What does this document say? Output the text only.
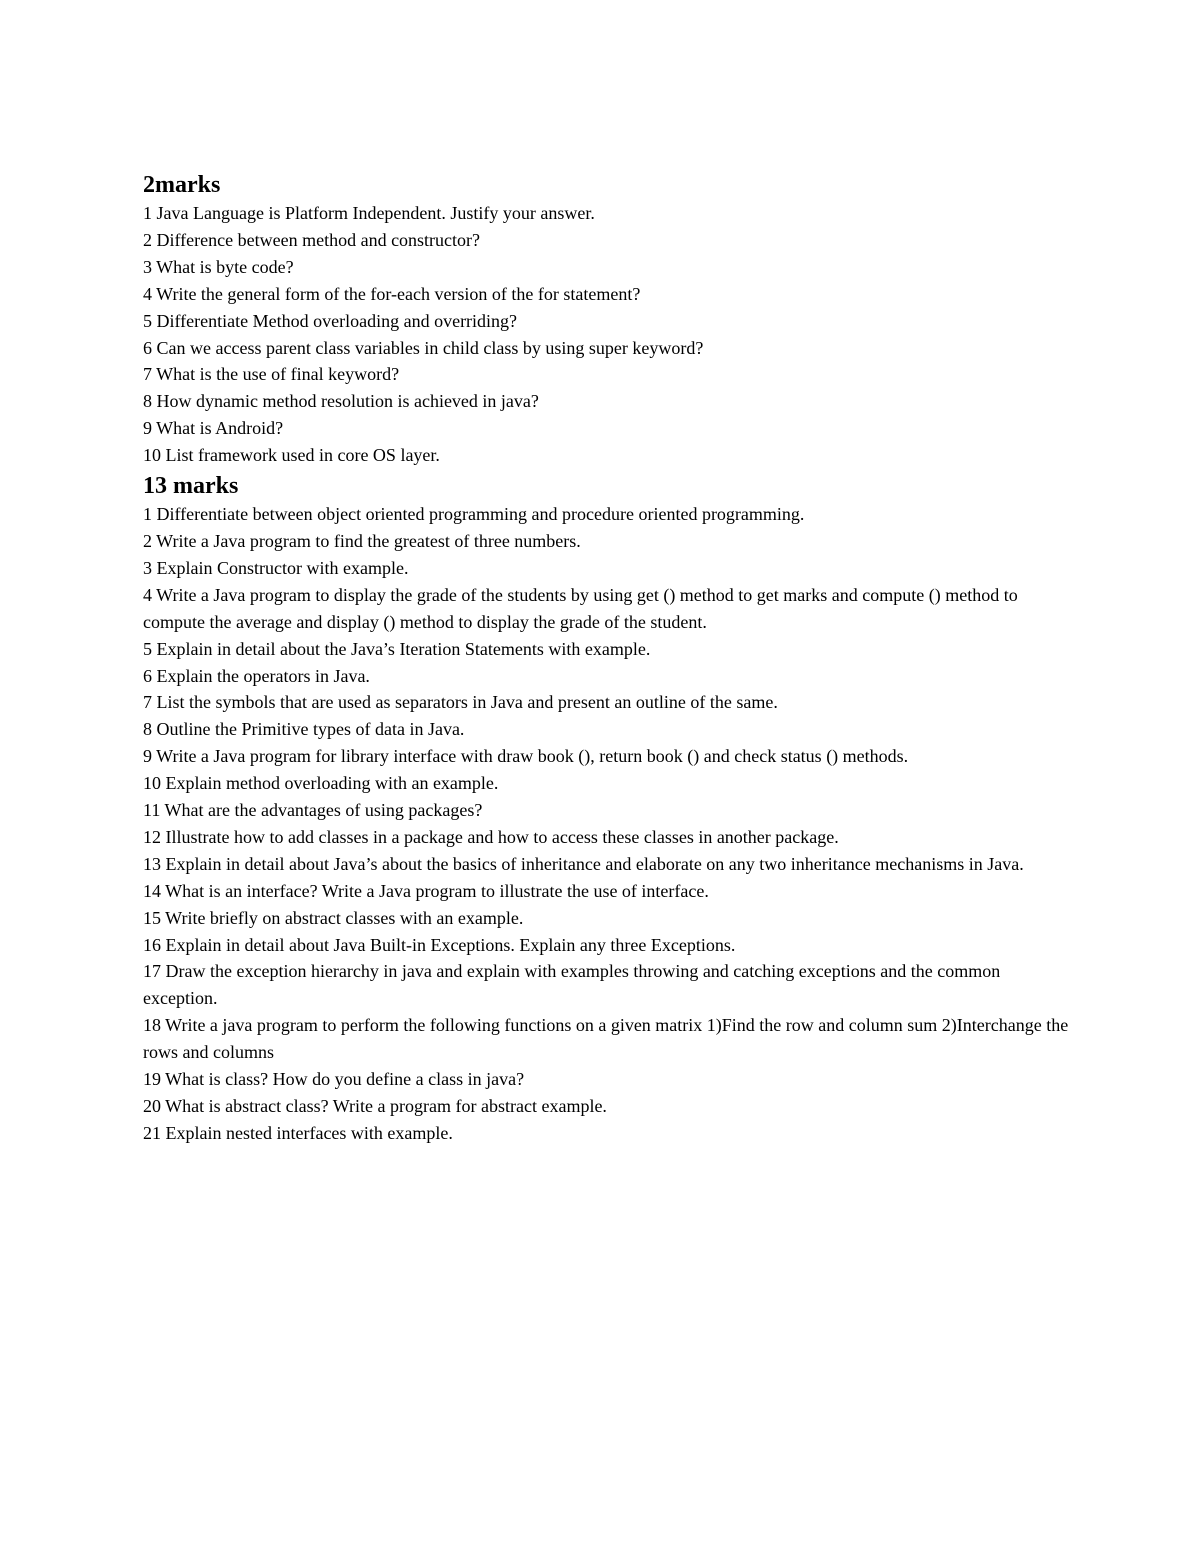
2marks
1 Java Language is Platform Independent. Justify your answer.
2 Difference between method and constructor?
3 What is byte code?
4 Write the general form of the for-each version of the for statement?
5 Differentiate Method overloading and overriding?
6 Can we access parent class variables in child class by using super keyword?
7 What is the use of final keyword?
8 How dynamic method resolution is achieved in java?
9 What is Android?
10 List framework used in core OS layer.
13 marks
1 Differentiate between object oriented programming and procedure oriented programming.
2 Write a Java program to find the greatest of three numbers.
3 Explain Constructor with example.
4 Write a Java program to display the grade of the students by using get () method to get marks and compute () method to compute the average and display () method to display the grade of the student.
5 Explain in detail about the Java’s Iteration Statements with example.
6 Explain the operators in Java.
7 List the symbols that are used as separators in Java and present an outline of the same.
8 Outline the Primitive types of data in Java.
9 Write a Java program for library interface with draw book (), return book () and check status () methods.
10 Explain method overloading with an example.
11 What are the advantages of using packages?
12 Illustrate how to add classes in a package and how to access these classes in another package.
13 Explain in detail about Java’s about the basics of inheritance and elaborate on any two inheritance mechanisms in Java.
14 What is an interface? Write a Java program to illustrate the use of interface.
15 Write briefly on abstract classes with an example.
16 Explain in detail about Java Built-in Exceptions. Explain any three Exceptions.
17 Draw the exception hierarchy in java and explain with examples throwing and catching exceptions and the common exception.
18 Write a java program to perform the following functions on a given matrix 1)Find the row and column sum 2)Interchange the rows and columns
19 What is class? How do you define a class in java?
20 What is abstract class? Write a program for abstract example.
21 Explain nested interfaces with example.
